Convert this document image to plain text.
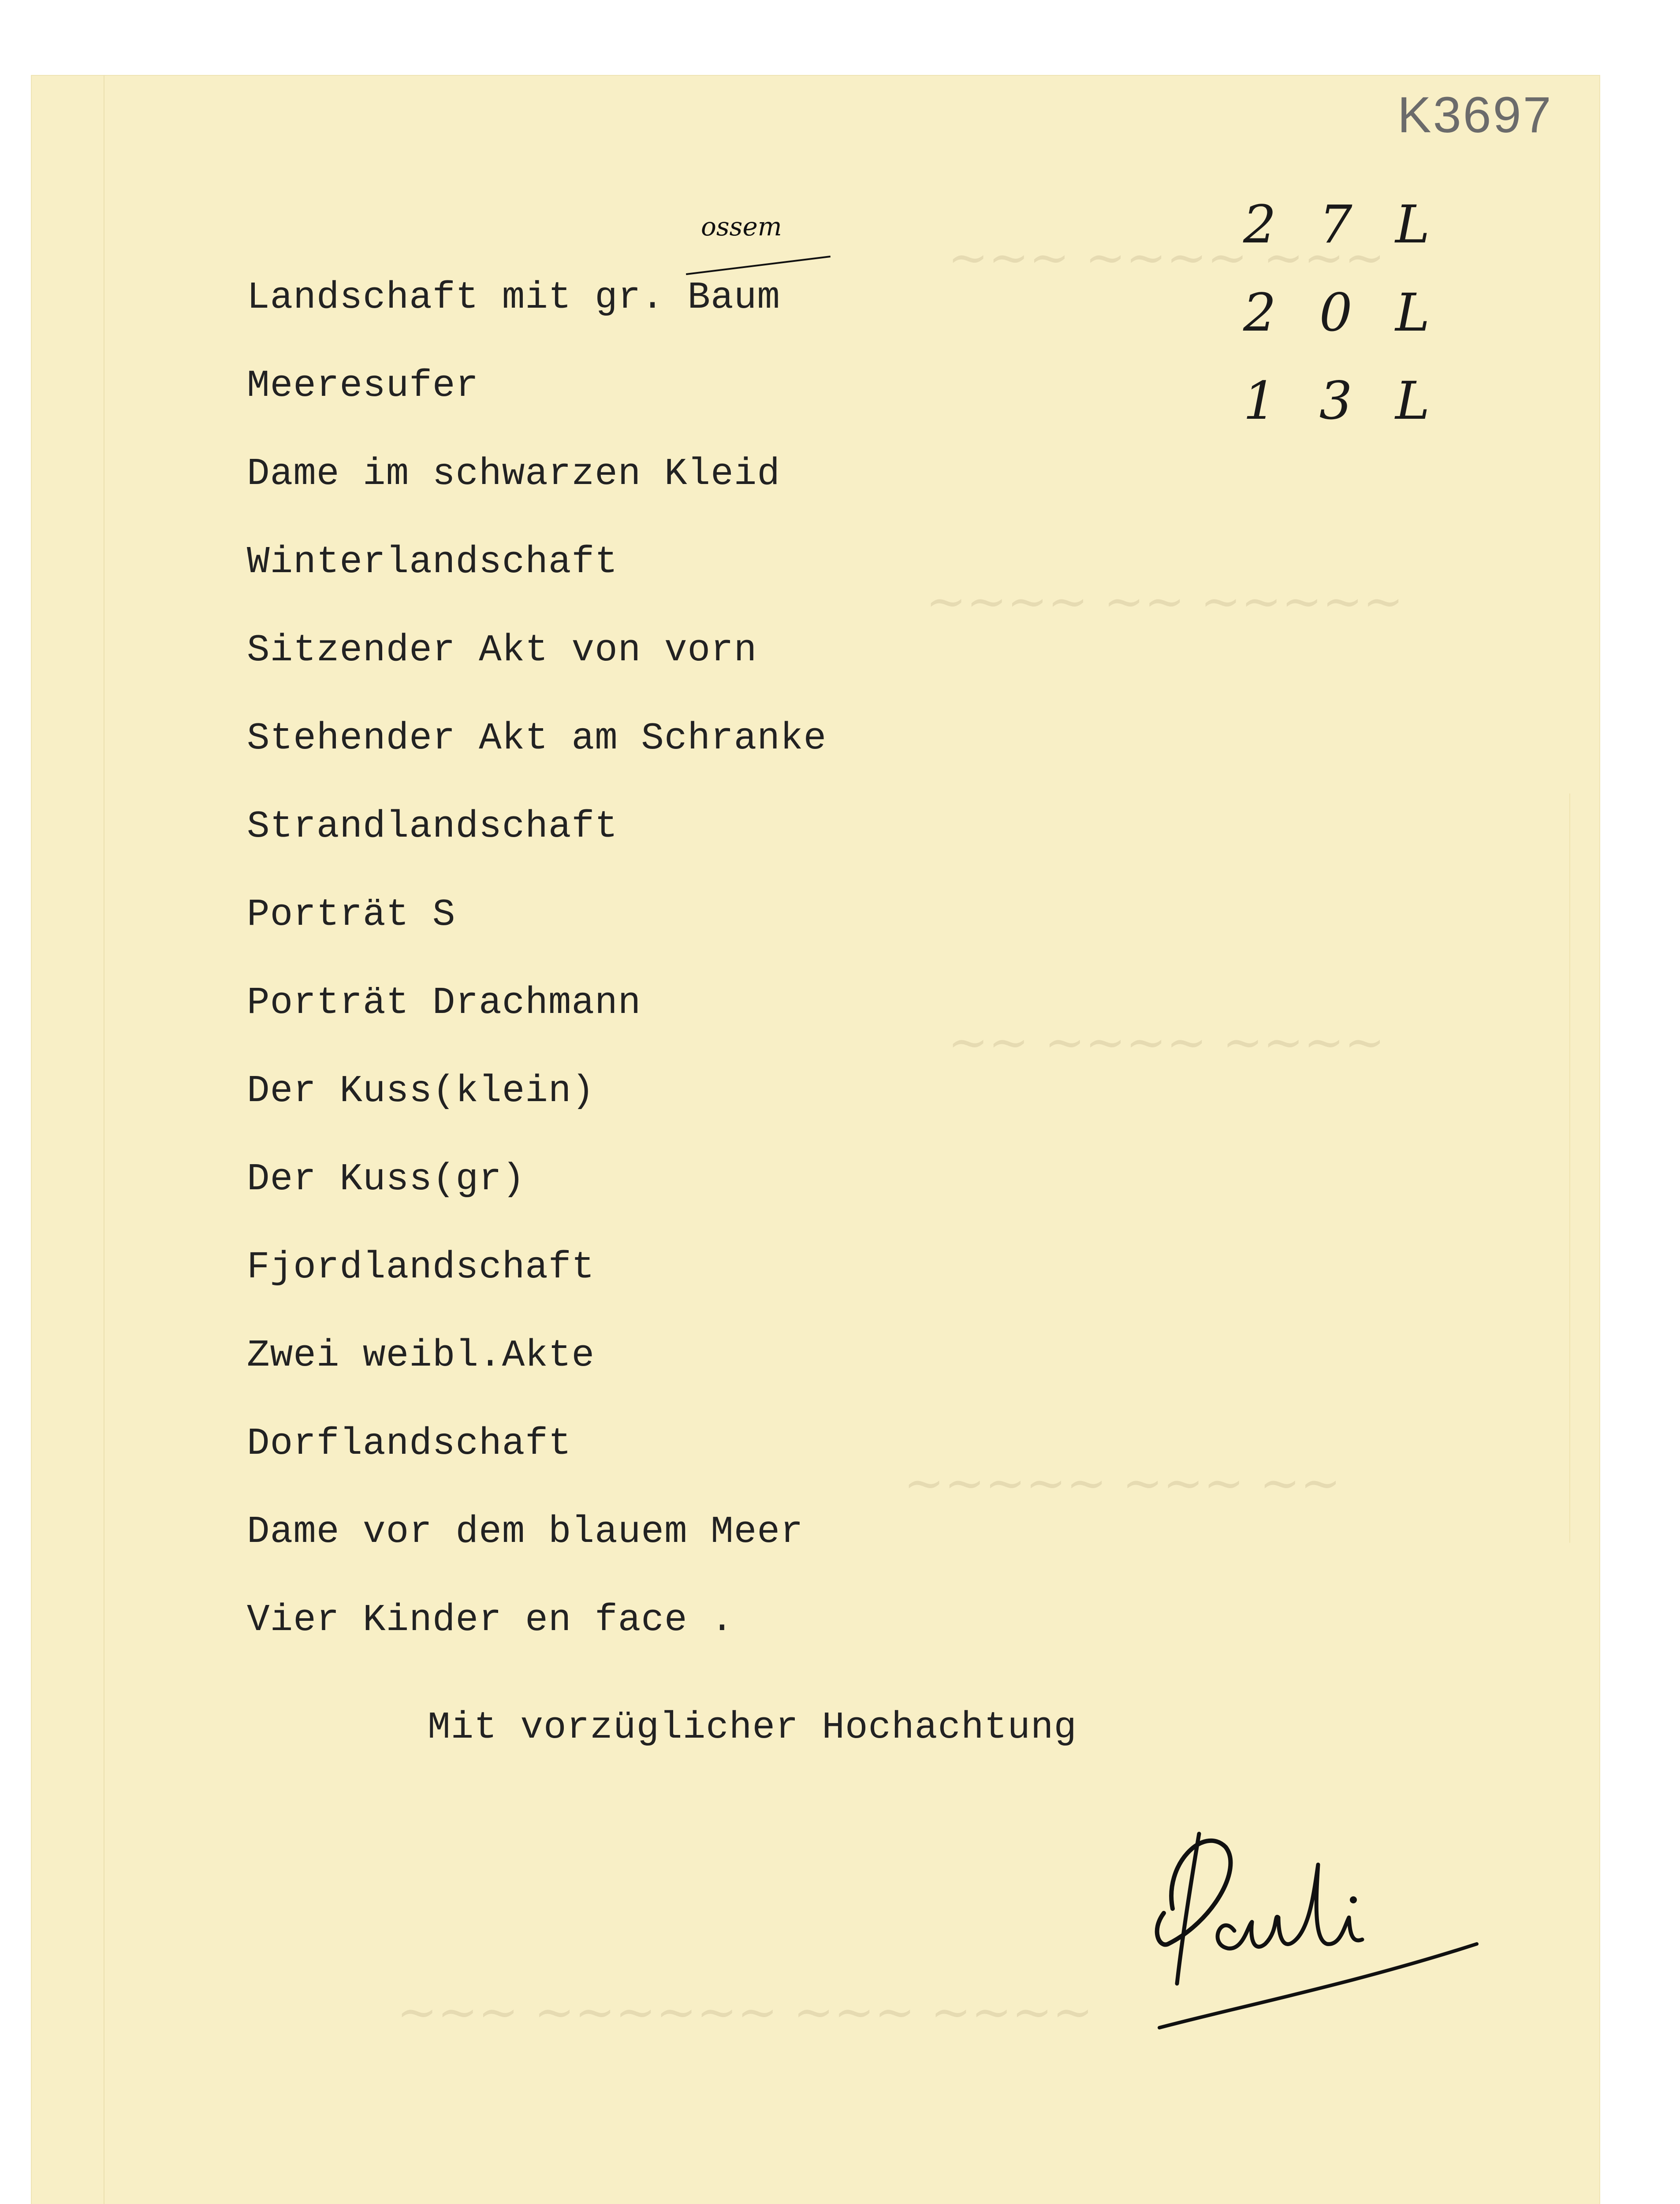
~~~ ~~~~ ~~~
~~~~ ~~ ~~~~~
~~ ~~~~ ~~~~
~~~~~ ~~~ ~~
~~~ ~~~~~~ ~~~ ~~~~
K3697
2 7 L
2 0 L
1 3 L
Landschaft mit gr. Baum
Meeresufer
Dame im schwarzen Kleid
Winterlandschaft
Sitzender Akt von vorn
Stehender Akt am Schranke
Strandlandschaft
Porträt S
Porträt Drachmann
Der Kuss(klein)
Der Kuss(gr)
Fjordlandschaft
Zwei weibl.Akte
Dorflandschaft
Dame vor dem blauem Meer
Vier Kinder en face .
ossem
Mit vorzüglicher Hochachtung
Pauli
